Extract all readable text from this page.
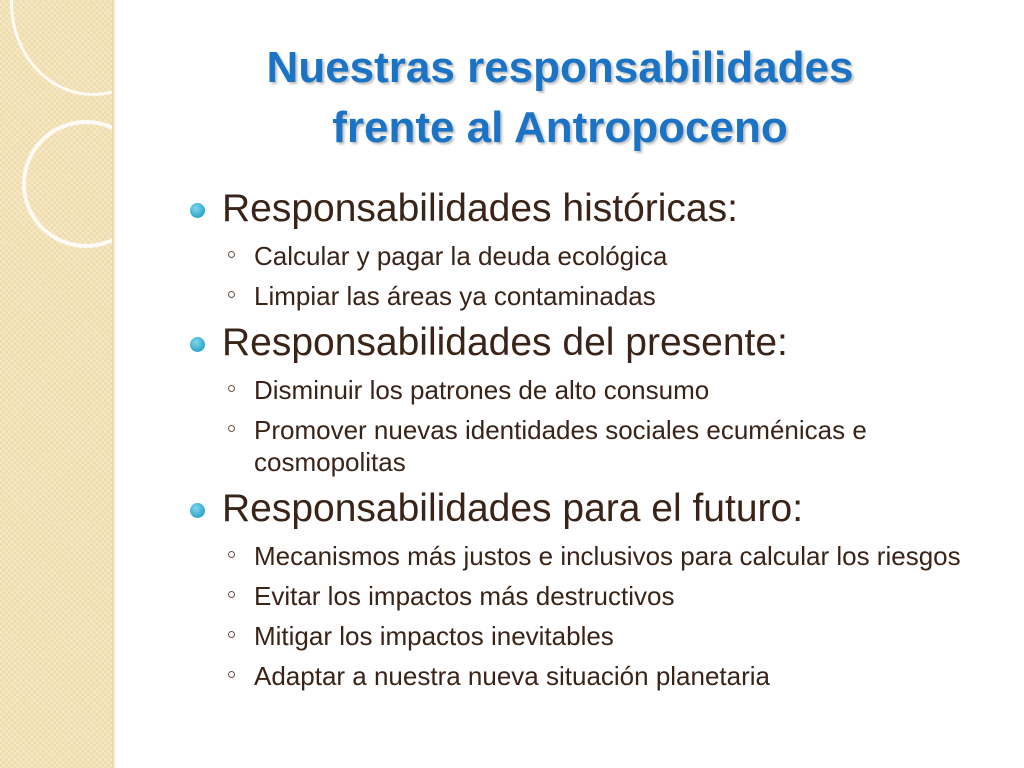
Nuestras responsabilidades
frente al Antropoceno
Responsabilidades históricas:
Calcular y pagar la deuda ecológica
Limpiar las áreas ya contaminadas
Responsabilidades del presente:
Disminuir los patrones de alto consumo
Promover nuevas identidades sociales ecuménicas e cosmopolitas
Responsabilidades para el futuro:
Mecanismos más justos e inclusivos para calcular los riesgos
Evitar los impactos más destructivos
Mitigar los impactos inevitables
Adaptar a nuestra nueva situación planetaria
